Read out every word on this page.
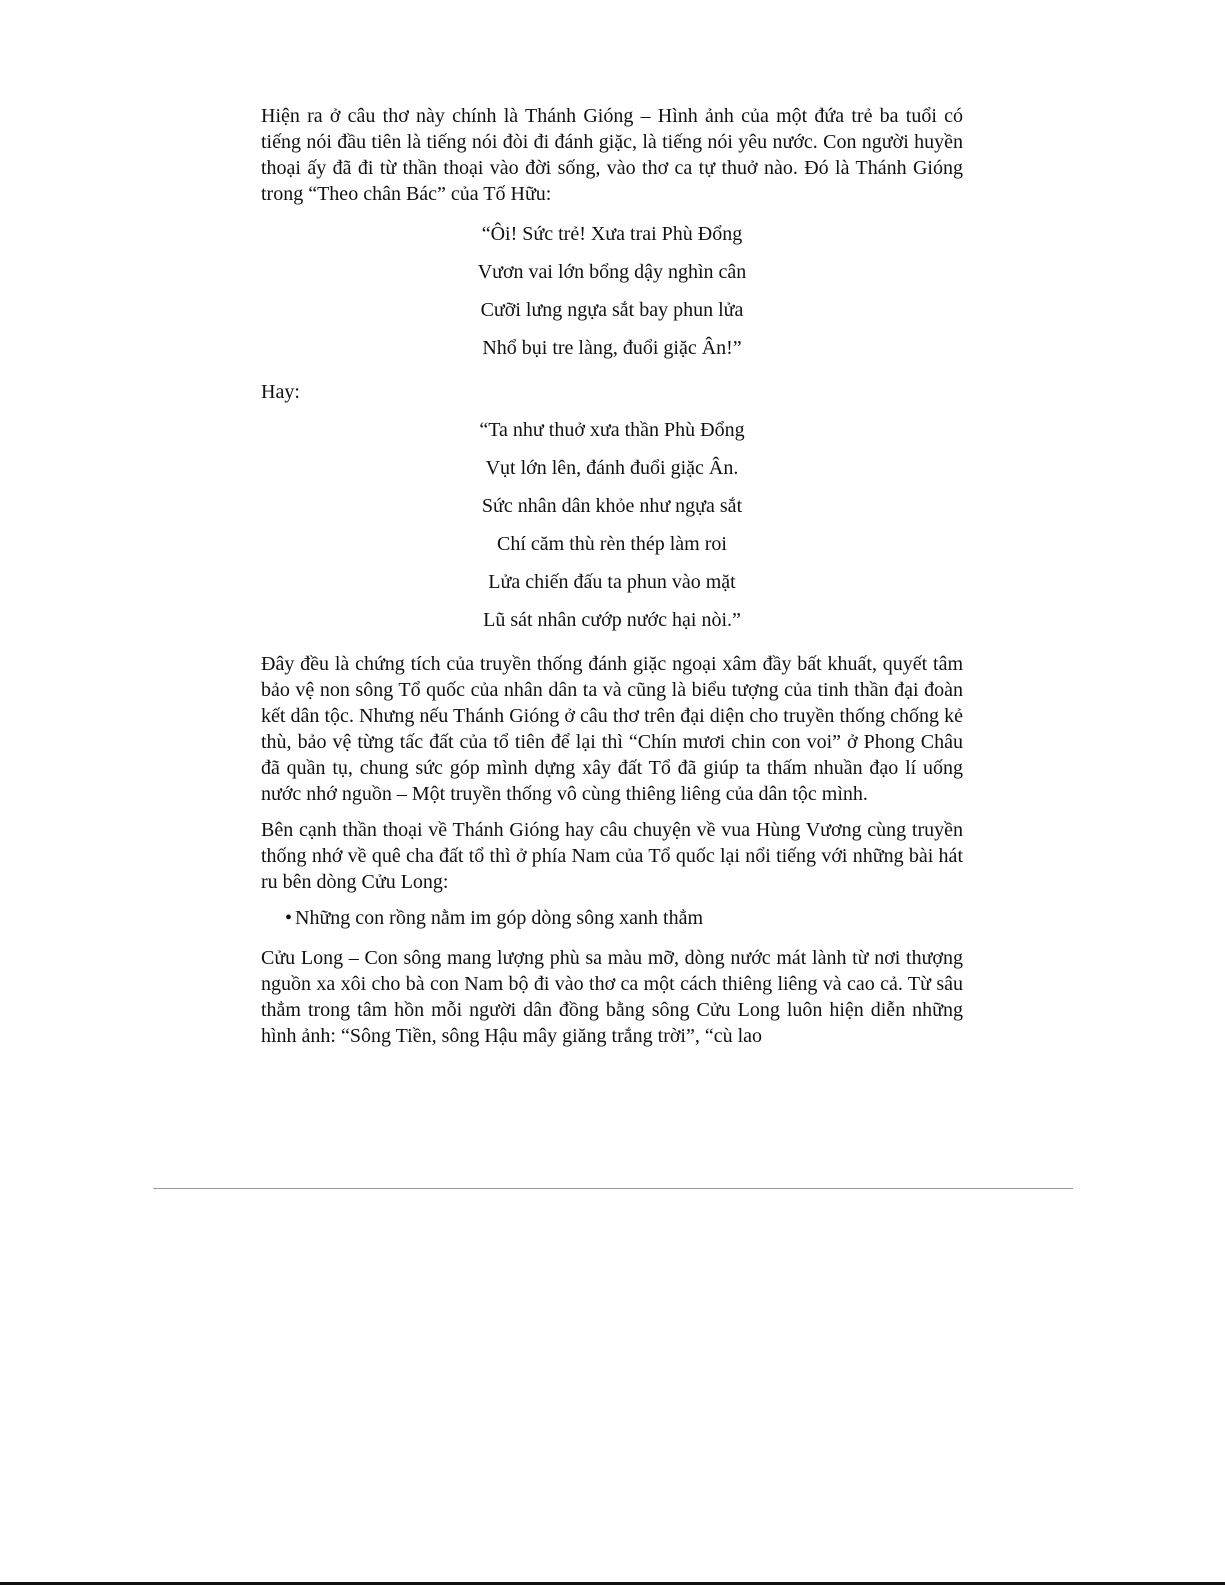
Hiện ra ở câu thơ này chính là Thánh Gióng – Hình ảnh của một đứa trẻ ba tuổi có tiếng nói đầu tiên là tiếng nói đòi đi đánh giặc, là tiếng nói yêu nước. Con người huyền thoại ấy đã đi từ thần thoại vào đời sống, vào thơ ca tự thuở nào. Đó là Thánh Gióng trong “Theo chân Bác” của Tố Hữu:

“Ôi! Sức trẻ! Xưa trai Phù Đổng
Vươn vai lớn bổng dậy nghìn cân
Cưỡi lưng ngựa sắt bay phun lửa
Nhổ bụi tre làng, đuổi giặc Ân!”

Hay:

“Ta như thuở xưa thần Phù Đổng
Vụt lớn lên, đánh đuổi giặc Ân.
Sức nhân dân khỏe như ngựa sắt
Chí căm thù rèn thép làm roi
Lửa chiến đấu ta phun vào mặt
Lũ sát nhân cướp nước hại nòi.”

Đây đều là chứng tích của truyền thống đánh giặc ngoại xâm đầy bất khuất, quyết tâm bảo vệ non sông Tổ quốc của nhân dân ta và cũng là biểu tượng của tinh thần đại đoàn kết dân tộc. Nhưng nếu Thánh Gióng ở câu thơ trên đại diện cho truyền thống chống kẻ thù, bảo vệ từng tấc đất của tổ tiên để lại thì “Chín mươi chin con voi” ở Phong Châu đã quần tụ, chung sức góp mình dựng xây đất Tổ đã giúp ta thấm nhuần đạo lí uống nước nhớ nguồn – Một truyền thống vô cùng thiêng liêng của dân tộc mình.

Bên cạnh thần thoại về Thánh Gióng hay câu chuyện về vua Hùng Vương cùng truyền thống nhớ về quê cha đất tổ thì ở phía Nam của Tổ quốc lại nổi tiếng với những bài hát ru bên dòng Cửu Long:

• Những con rồng nằm im góp dòng sông xanh thẳm

Cửu Long – Con sông mang lượng phù sa màu mỡ, dòng nước mát lành từ nơi thượng nguồn xa xôi cho bà con Nam bộ đi vào thơ ca một cách thiêng liêng và cao cả. Từ sâu thẳm trong tâm hồn mỗi người dân đồng bằng sông Cửu Long luôn hiện diễn những hình ảnh: “Sông Tiền, sông Hậu mây giăng trắng trời”, “cù lao
